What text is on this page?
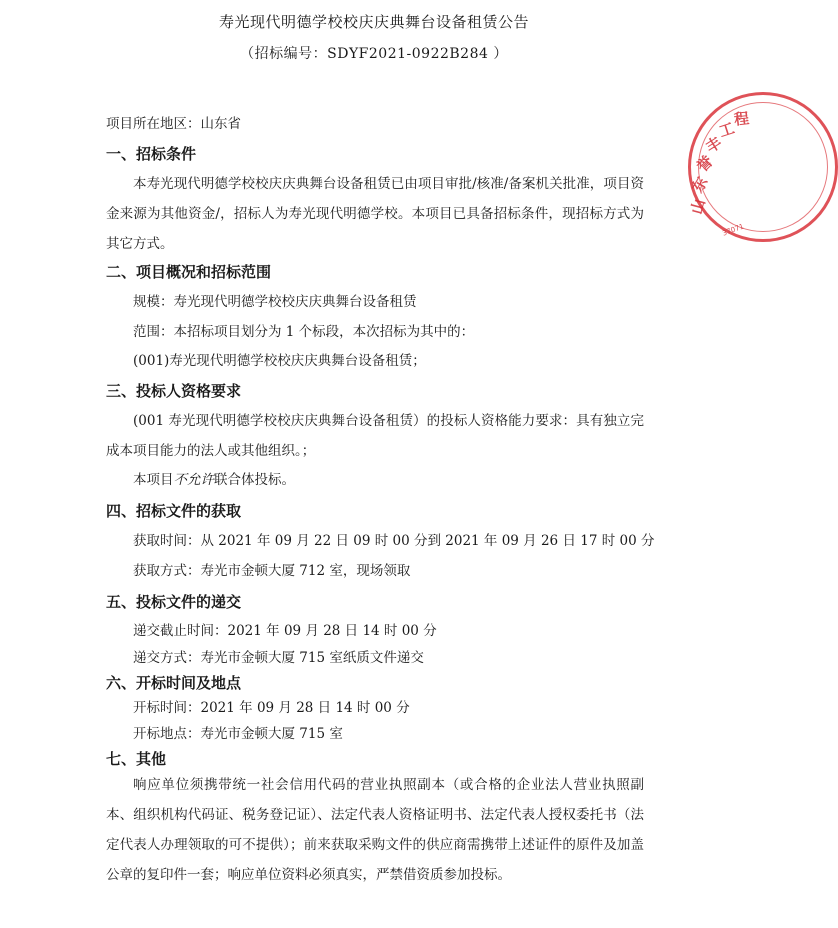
寿光现代明德学校校庆庆典舞台设备租赁公告
（招标编号：SDYF2021-0922B284 ）
项目所在地区：山东省
一、招标条件
本寿光现代明德学校校庆庆典舞台设备租赁已由项目审批/核准/备案机关批准，项目资金来源为其他资金/，招标人为寿光现代明德学校。本项目已具备招标条件，现招标方式为其它方式。
二、项目概况和招标范围
规模：寿光现代明德学校校庆庆典舞台设备租赁
范围：本招标项目划分为 1 个标段，本次招标为其中的：
(001)寿光现代明德学校校庆庆典舞台设备租赁；
三、投标人资格要求
(001 寿光现代明德学校校庆庆典舞台设备租赁）的投标人资格能力要求：具有独立完成本项目能力的法人或其他组织。；
本项目不允许联合体投标。
四、招标文件的获取
获取时间：从 2021 年 09 月 22 日 09 时 00 分到 2021 年 09 月 26 日 17 时 00 分
获取方式：寿光市金顿大厦 712 室，现场领取
五、投标文件的递交
递交截止时间：2021 年 09 月 28 日 14 时 00 分
递交方式：寿光市金顿大厦 715 室纸质文件递交
六、开标时间及地点
开标时间：2021 年 09 月 28 日 14 时 00 分
开标地点：寿光市金顿大厦 715 室
七、其他
响应单位须携带统一社会信用代码的营业执照副本（或合格的企业法人营业执照副本、组织机构代码证、税务登记证）、法定代表人资格证明书、法定代表人授权委托书（法定代表人办理领取的可不提供）；前来获取采购文件的供应商需携带上述证件的原件及加盖公章的复印件一套；响应单位资料必须真实，严禁借资质参加投标。
山
东
誉
丰
工
程
37071
